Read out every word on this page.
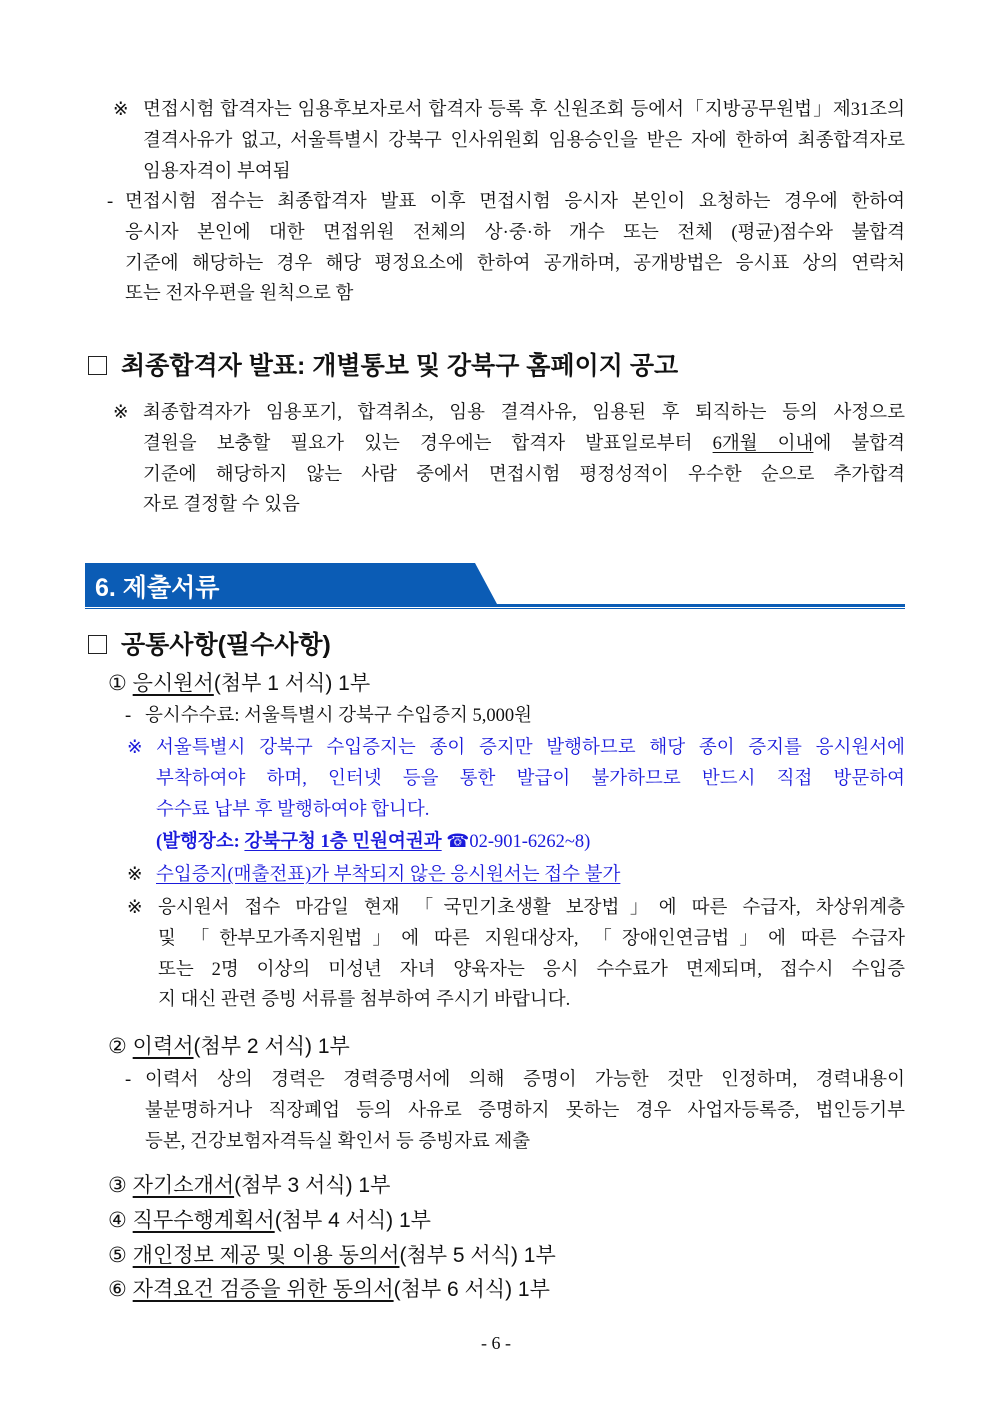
※ 면접시험 합격자는 임용후보자로서 합격자 등록 후 신원조회 등에서「지방공무원법」제31조의
결격사유가 없고, 서울특별시 강북구 인사위원회 임용승인을 받은 자에 한하여 최종합격자로
임용자격이 부여됨
- 면접시험 점수는 최종합격자 발표 이후 면접시험 응시자 본인이 요청하는 경우에 한하여
응시자 본인에 대한 면접위원 전체의 상·중·하 개수 또는 전체 (평균)점수와 불합격
기준에 해당하는 경우 해당 평정요소에 한하여 공개하며, 공개방법은 응시표 상의 연락처
또는 전자우편을 원칙으로 함
최종합격자 발표: 개별통보 및 강북구 홈페이지 공고
※ 최종합격자가 임용포기, 합격취소, 임용 결격사유, 임용된 후 퇴직하는 등의 사정으로
결원을 보충할 필요가 있는 경우에는 합격자 발표일로부터 6개월 이내에 불합격
기준에 해당하지 않는 사람 중에서 면접시험 평정성적이 우수한 순으로 추가합격
자로 결정할 수 있음
6. 제출서류
공통사항(필수사항)
① 응시원서(첨부 1 서식) 1부
- 응시수수료: 서울특별시 강북구 수입증지 5,000원
※ 서울특별시 강북구 수입증지는 종이 증지만 발행하므로 해당 종이 증지를 응시원서에
부착하여야 하며, 인터넷 등을 통한 발급이 불가하므로 반드시 직접 방문하여
수수료 납부 후 발행하여야 합니다.
(발행장소: 강북구청 1층 민원여권과 ☎02-901-6262~8)
※ 수입증지(매출전표)가 부착되지 않은 응시원서는 접수 불가
※ 응시원서 접수 마감일 현재 「국민기초생활 보장법」에 따른 수급자, 차상위계층
및 「한부모가족지원법」에 따른 지원대상자, 「장애인연금법」에 따른 수급자
또는 2명 이상의 미성년 자녀 양육자는 응시 수수료가 면제되며, 접수시 수입증
지 대신 관련 증빙 서류를 첨부하여 주시기 바랍니다.
② 이력서(첨부 2 서식) 1부
- 이력서 상의 경력은 경력증명서에 의해 증명이 가능한 것만 인정하며, 경력내용이
불분명하거나 직장폐업 등의 사유로 증명하지 못하는 경우 사업자등록증, 법인등기부
등본, 건강보험자격득실 확인서 등 증빙자료 제출
③ 자기소개서(첨부 3 서식) 1부
④ 직무수행계획서(첨부 4 서식) 1부
⑤ 개인정보 제공 및 이용 동의서(첨부 5 서식) 1부
⑥ 자격요건 검증을 위한 동의서(첨부 6 서식) 1부
- 6 -
